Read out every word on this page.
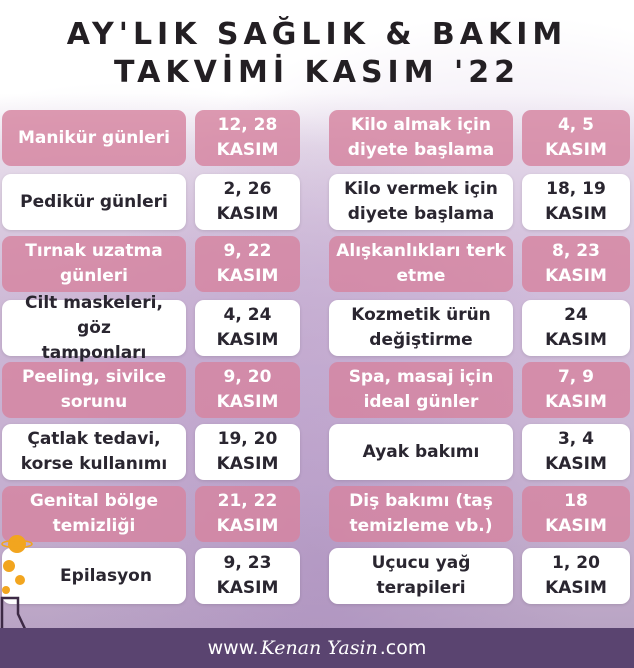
AY'LIK SAĞLIK & BAKIM
TAKVİMİ KASIM '22
Manikür günleri
12, 28
KASIM
Kilo almak için
diyete başlama
4, 5
KASIM
Pedikür günleri
2, 26
KASIM
Kilo vermek için
diyete başlama
18, 19
KASIM
Tırnak uzatma
günleri
9, 22
KASIM
Alışkanlıkları terk
etme
8, 23
KASIM
Cilt maskeleri, göz
tamponları
4, 24
KASIM
Kozmetik ürün
değiştirme
24
KASIM
Peeling, sivilce
sorunu
9, 20
KASIM
Spa, masaj için
ideal günler
7, 9
KASIM
Çatlak tedavi,
korse kullanımı
19, 20
KASIM
Ayak bakımı
3, 4
KASIM
Genital bölge
temizliği
21, 22
KASIM
Diş bakımı (taş
temizleme vb.)
18
KASIM
Epilasyon
9, 23
KASIM
Uçucu yağ
terapileri
1, 20
KASIM
www. Kenan Yasin .com
